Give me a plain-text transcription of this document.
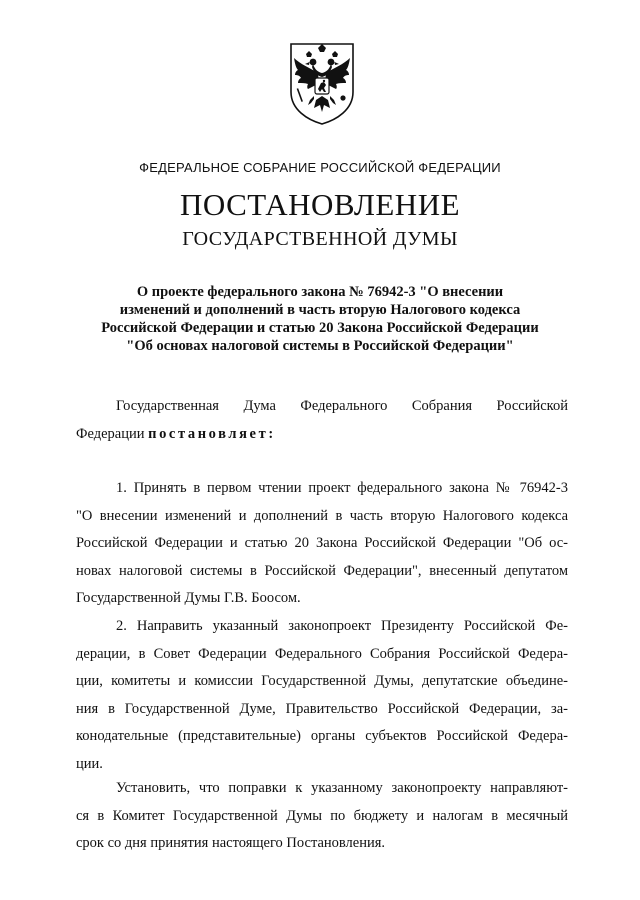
ФЕДЕРАЛЬНОЕ СОБРАНИЕ РОССИЙСКОЙ ФЕДЕРАЦИИ
ПОСТАНОВЛЕНИЕ
ГОСУДАРСТВЕННОЙ ДУМЫ
О проекте федерального закона № 76942-3 "О внесении
изменений и дополнений в часть вторую Налогового кодекса
Российской Федерации и статью 20 Закона Российской Федерации
"Об основах налоговой системы в Российской Федерации"
Государственная Дума Федерального Собрания Российской
Федерации постановляет:
1. Принять в первом чтении проект федерального закона № 76942-3
"О внесении изменений и дополнений в часть вторую Налогового кодекса
Российской Федерации и статью 20 Закона Российской Федерации "Об ос-
новах налоговой системы в Российской Федерации", внесенный депутатом
Государственной Думы Г.В. Боосом.
2. Направить указанный законопроект Президенту Российской Фе-
дерации, в Совет Федерации Федерального Собрания Российской Федера-
ции, комитеты и комиссии Государственной Думы, депутатские объедине-
ния в Государственной Думе, Правительство Российской Федерации, за-
конодательные (представительные) органы субъектов Российской Федера-
ции.
Установить, что поправки к указанному законопроекту направляют-
ся в Комитет Государственной Думы по бюджету и налогам в месячный
срок со дня принятия настоящего Постановления.
